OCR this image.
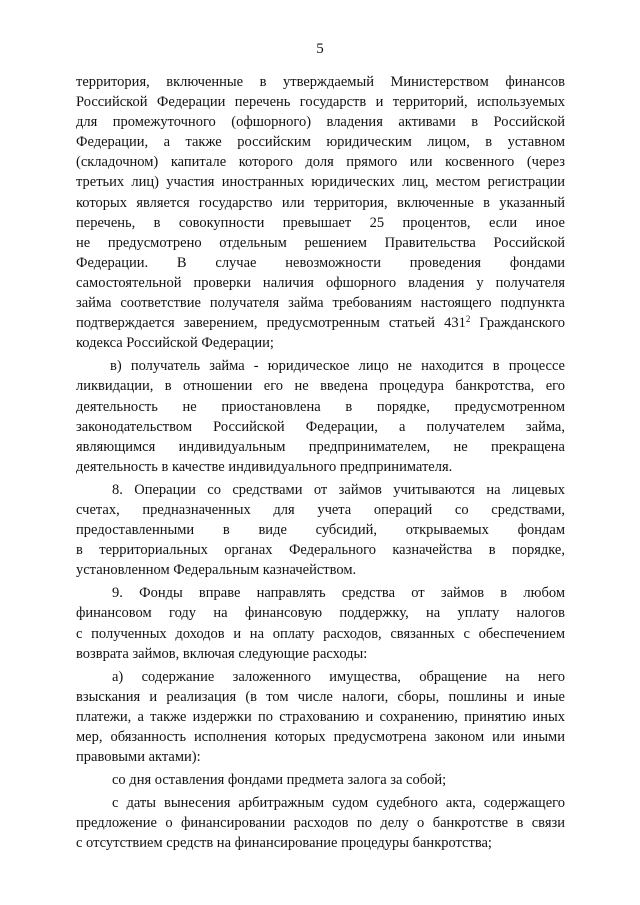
5
территория, включенные в утверждаемый Министерством финансов
Российской Федерации перечень государств и территорий, используемых
для промежуточного (офшорного) владения активами в Российской
Федерации, а также российским юридическим лицом, в уставном
(складочном) капитале которого доля прямого или косвенного (через
третьих лиц) участия иностранных юридических лиц, местом регистрации
которых является государство или территория, включенные в указанный
перечень, в совокупности превышает 25 процентов, если иное
не предусмотрено отдельным решением Правительства Российской
Федерации. В случае невозможности проведения фондами
самостоятельной проверки наличия офшорного владения у получателя
займа соответствие получателя займа требованиям настоящего подпункта
подтверждается заверением, предусмотренным статьей $431^2$ Гражданского
кодекса Российской Федерации;
в) получатель займа - юридическое лицо не находится в процессе
ликвидации, в отношении его не введена процедура банкротства, его
деятельность не приостановлена в порядке, предусмотренном
законодательством Российской Федерации, а получателем займа,
являющимся индивидуальным предпринимателем, не прекращена
деятельность в качестве индивидуального предпринимателя.
8. Операции со средствами от займов учитываются на лицевых
счетах, предназначенных для учета операций со средствами,
предоставленными в виде субсидий, открываемых фондам
в территориальных органах Федерального казначейства в порядке,
установленном Федеральным казначейством.
9. Фонды вправе направлять средства от займов в любом
финансовом году на финансовую поддержку, на уплату налогов
с полученных доходов и на оплату расходов, связанных с обеспечением
возврата займов, включая следующие расходы:
а) содержание заложенного имущества, обращение на него
взыскания и реализация (в том числе налоги, сборы, пошлины и иные
платежи, а также издержки по страхованию и сохранению, принятию иных
мер, обязанность исполнения которых предусмотрена законом или иными
правовыми актами):
со дня оставления фондами предмета залога за собой;
с даты вынесения арбитражным судом судебного акта, содержащего
предложение о финансировании расходов по делу о банкротстве в связи
с отсутствием средств на финансирование процедуры банкротства;
